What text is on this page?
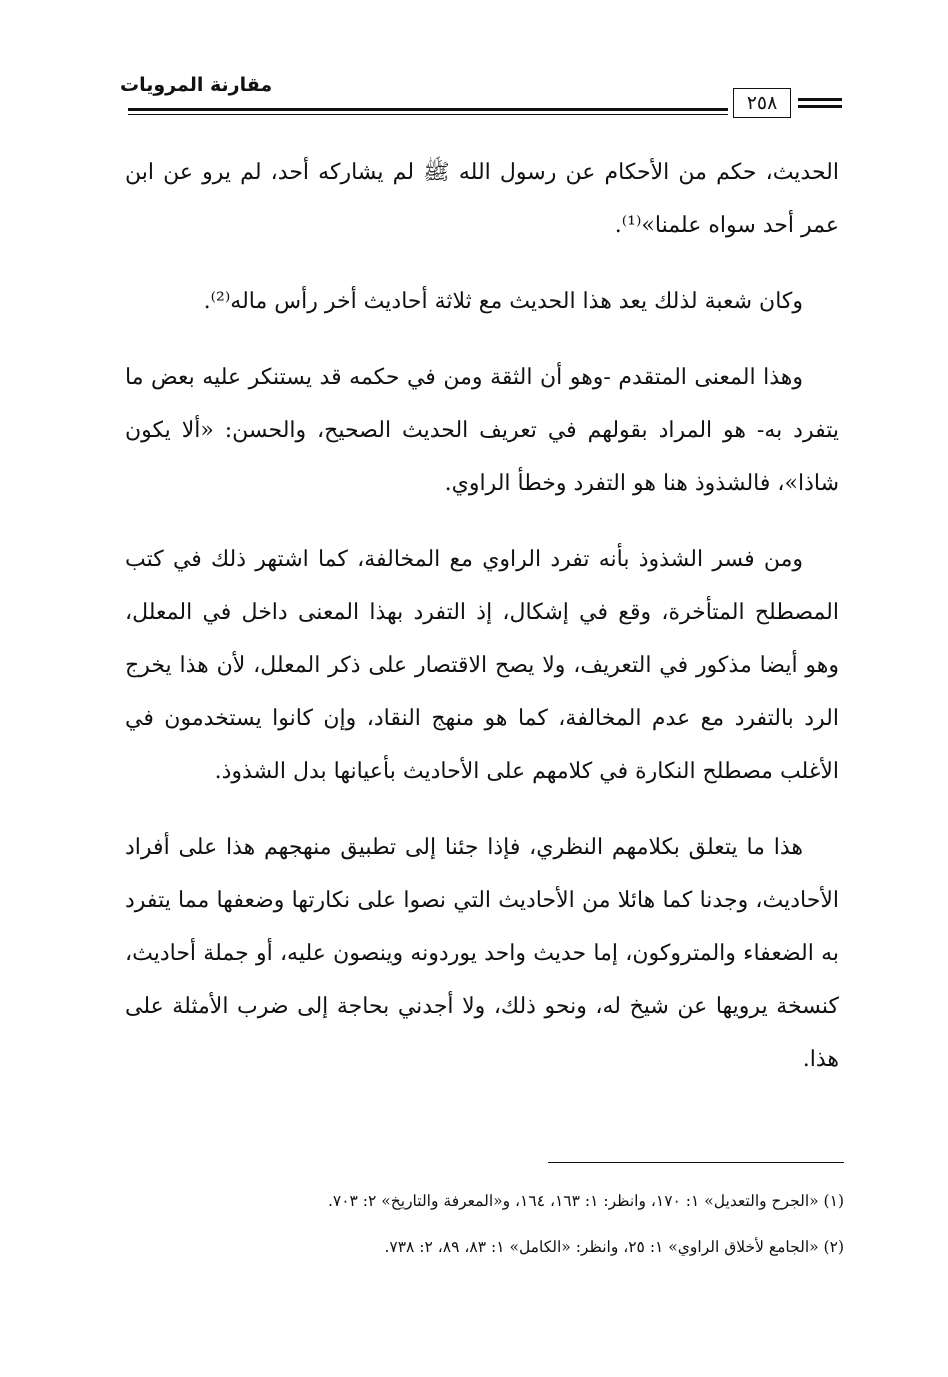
مقارنة المرويات
٢٥٨

الحديث، حكم من الأحكام عن رسول الله ﷺ لم يشاركه أحد، لم يرو عن ابن عمر أحد سواه علمنا»⁽¹⁾.

وكان شعبة لذلك يعد هذا الحديث مع ثلاثة أحاديث أخر رأس ماله⁽²⁾.

وهذا المعنى المتقدم -وهو أن الثقة ومن في حكمه قد يستنكر عليه بعض ما يتفرد به- هو المراد بقولهم في تعريف الحديث الصحيح، والحسن: «ألا يكون شاذا»، فالشذوذ هنا هو التفرد وخطأ الراوي.

ومن فسر الشذوذ بأنه تفرد الراوي مع المخالفة، كما اشتهر ذلك في كتب المصطلح المتأخرة، وقع في إشكال، إذ التفرد بهذا المعنى داخل في المعلل، وهو أيضا مذكور في التعريف، ولا يصح الاقتصار على ذكر المعلل، لأن هذا يخرج الرد بالتفرد مع عدم المخالفة، كما هو منهج النقاد، وإن كانوا يستخدمون في الأغلب مصطلح النكارة في كلامهم على الأحاديث بأعيانها بدل الشذوذ.

هذا ما يتعلق بكلامهم النظري، فإذا جئنا إلى تطبيق منهجهم هذا على أفراد الأحاديث، وجدنا كما هائلا من الأحاديث التي نصوا على نكارتها وضعفها مما يتفرد به الضعفاء والمتروكون، إما حديث واحد يوردونه وينصون عليه، أو جملة أحاديث، كنسخة يرويها عن شيخ له، ونحو ذلك، ولا أجدني بحاجة إلى ضرب الأمثلة على هذا.

(١) «الجرح والتعديل» ١: ١٧٠، وانظر: ١: ١٦٣، ١٦٤، و«المعرفة والتاريخ» ٢: ٧٠٣.

(٢) «الجامع لأخلاق الراوي» ١: ٢٥، وانظر: «الكامل» ١: ٨٣، ٨٩، ٢: ٧٣٨.
